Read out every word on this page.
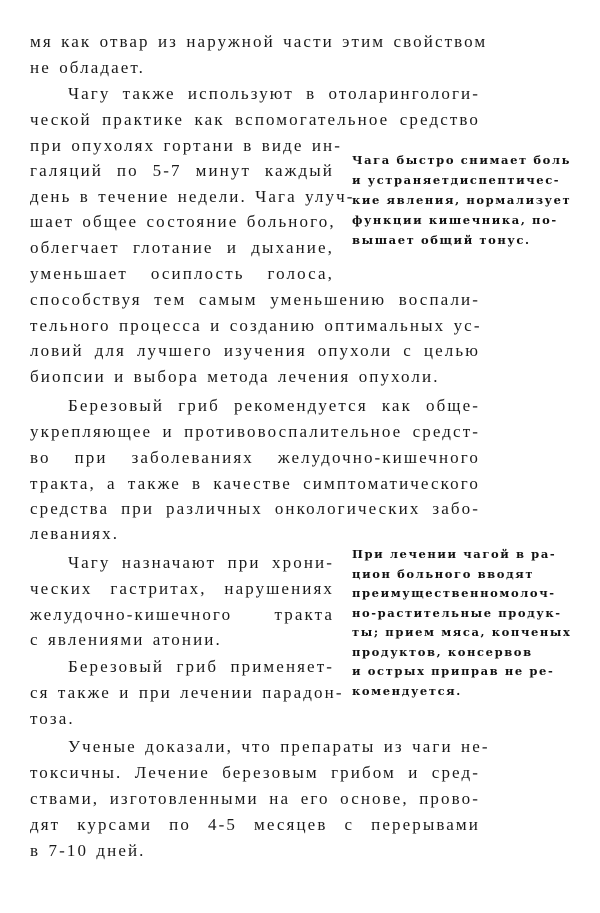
мя как отвар из наружной части этим свойством
не обладает.
Чагу также используют в отоларингологи-
ческой практике как вспомогательное средство
при опухолях гортани в виде ин-
галяций по 5-7 минут каждый
день в течение недели. Чага улуч-
шает общее состояние больного,
облегчает глотание и дыхание,
уменьшает осиплость голоса,
способствуя тем самым уменьшению воспали-
тельного процесса и созданию оптимальных ус-
ловий для лучшего изучения опухоли с целью
биопсии и выбора метода лечения опухоли.
Березовый гриб рекомендуется как обще-
укрепляющее и противовоспалительное средст-
во при заболеваниях желудочно-кишечного
тракта, а также в качестве симптоматического
средства при различных онкологических забо-
леваниях.
Чагу назначают при хрони-
ческих гастритах, нарушениях
желудочно-кишечного тракта
с явлениями атонии.
Березовый гриб применяет-
ся также и при лечении парадон-
тоза.
Ученые доказали, что препараты из чаги не-
токсичны. Лечение березовым грибом и сред-
ствами, изготовленными на его основе, прово-
дят курсами по 4-5 месяцев с перерывами
в 7-10 дней.
Чага быстро снимает боль
и устраняетдиспептичес-
кие явления, нормализует
функции кишечника, по-
вышает общий тонус.
При лечении чагой в ра-
цион больного вводят
преимущественномолоч-
но-растительные продук-
ты; прием мяса, копченых
продуктов, консервов
и острых приправ не ре-
комендуется.
